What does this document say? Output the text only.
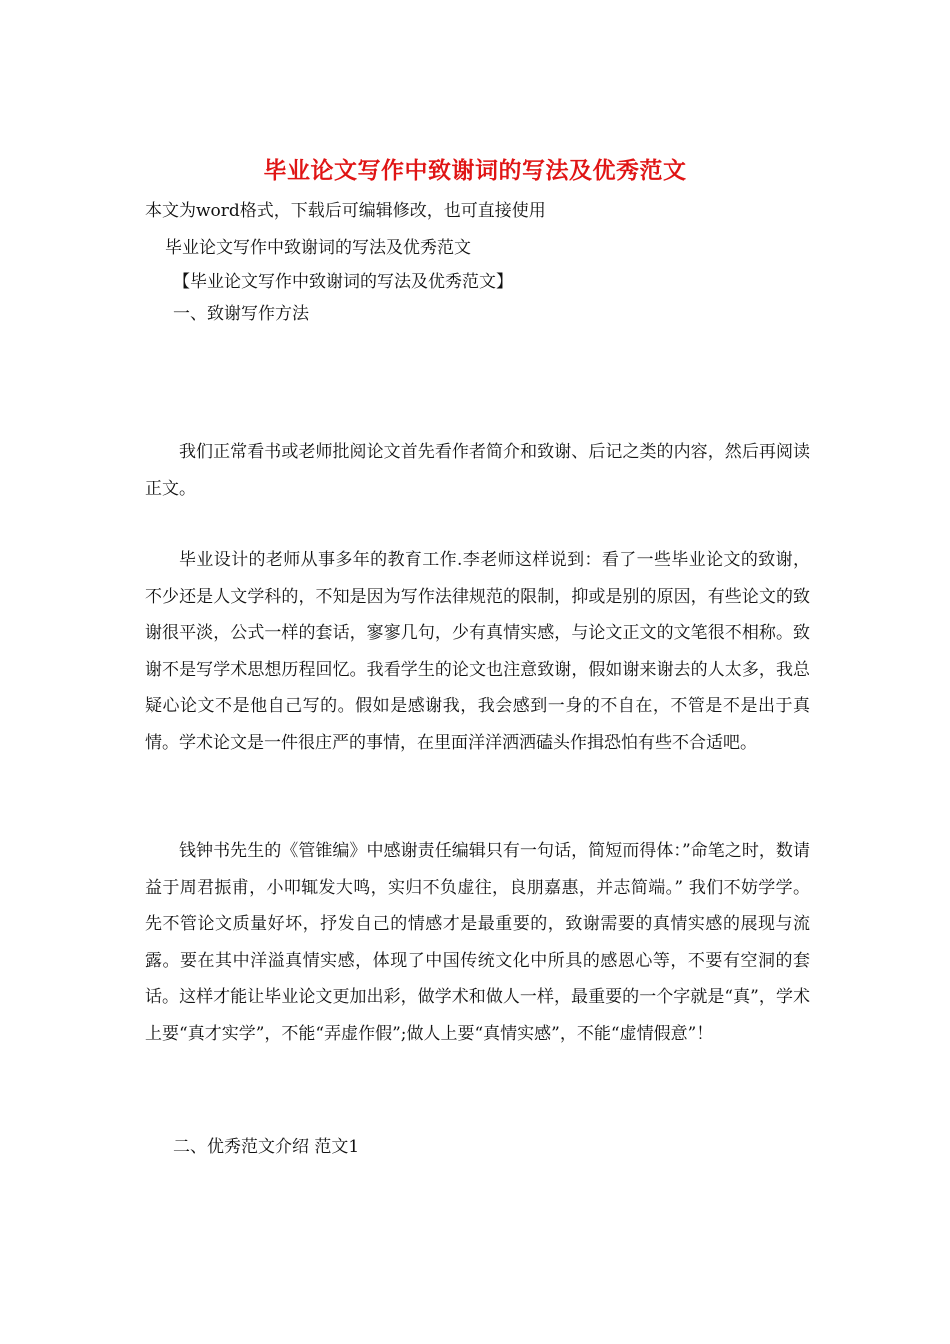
毕业论文写作中致谢词的写法及优秀范文
本文为word格式，下载后可编辑修改，也可直接使用
毕业论文写作中致谢词的写法及优秀范文
【毕业论文写作中致谢词的写法及优秀范文】
一、致谢写作方法
我们正常看书或老师批阅论文首先看作者简介和致谢、后记之类的内容，然后再阅读正文。
毕业设计的老师从事多年的教育工作.李老师这样说到：看了一些毕业论文的致谢，不少还是人文学科的，不知是因为写作法律规范的限制，抑或是别的原因，有些论文的致谢很平淡，公式一样的套话，寥寥几句，少有真情实感，与论文正文的文笔很不相称。致谢不是写学术思想历程回忆。我看学生的论文也注意致谢，假如谢来谢去的人太多，我总疑心论文不是他自己写的。假如是感谢我，我会感到一身的不自在，不管是不是出于真情。学术论文是一件很庄严的事情，在里面洋洋洒洒磕头作揖恐怕有些不合适吧。
钱钟书先生的《管锥编》中感谢责任编辑只有一句话，简短而得体：”命笔之时，数请益于周君振甫，小叩辄发大鸣，实归不负虚往，良朋嘉惠，并志简端。” 我们不妨学学。先不管论文质量好坏，抒发自己的情感才是最重要的，致谢需要的真情实感的展现与流露。要在其中洋溢真情实感，体现了中国传统文化中所具的感恩心等，不要有空洞的套话。这样才能让毕业论文更加出彩，做学术和做人一样，最重要的一个字就是“真”，学术上要“真才实学”，不能“弄虚作假”;做人上要“真情实感”，不能“虚情假意”！
二、优秀范文介绍 范文1
